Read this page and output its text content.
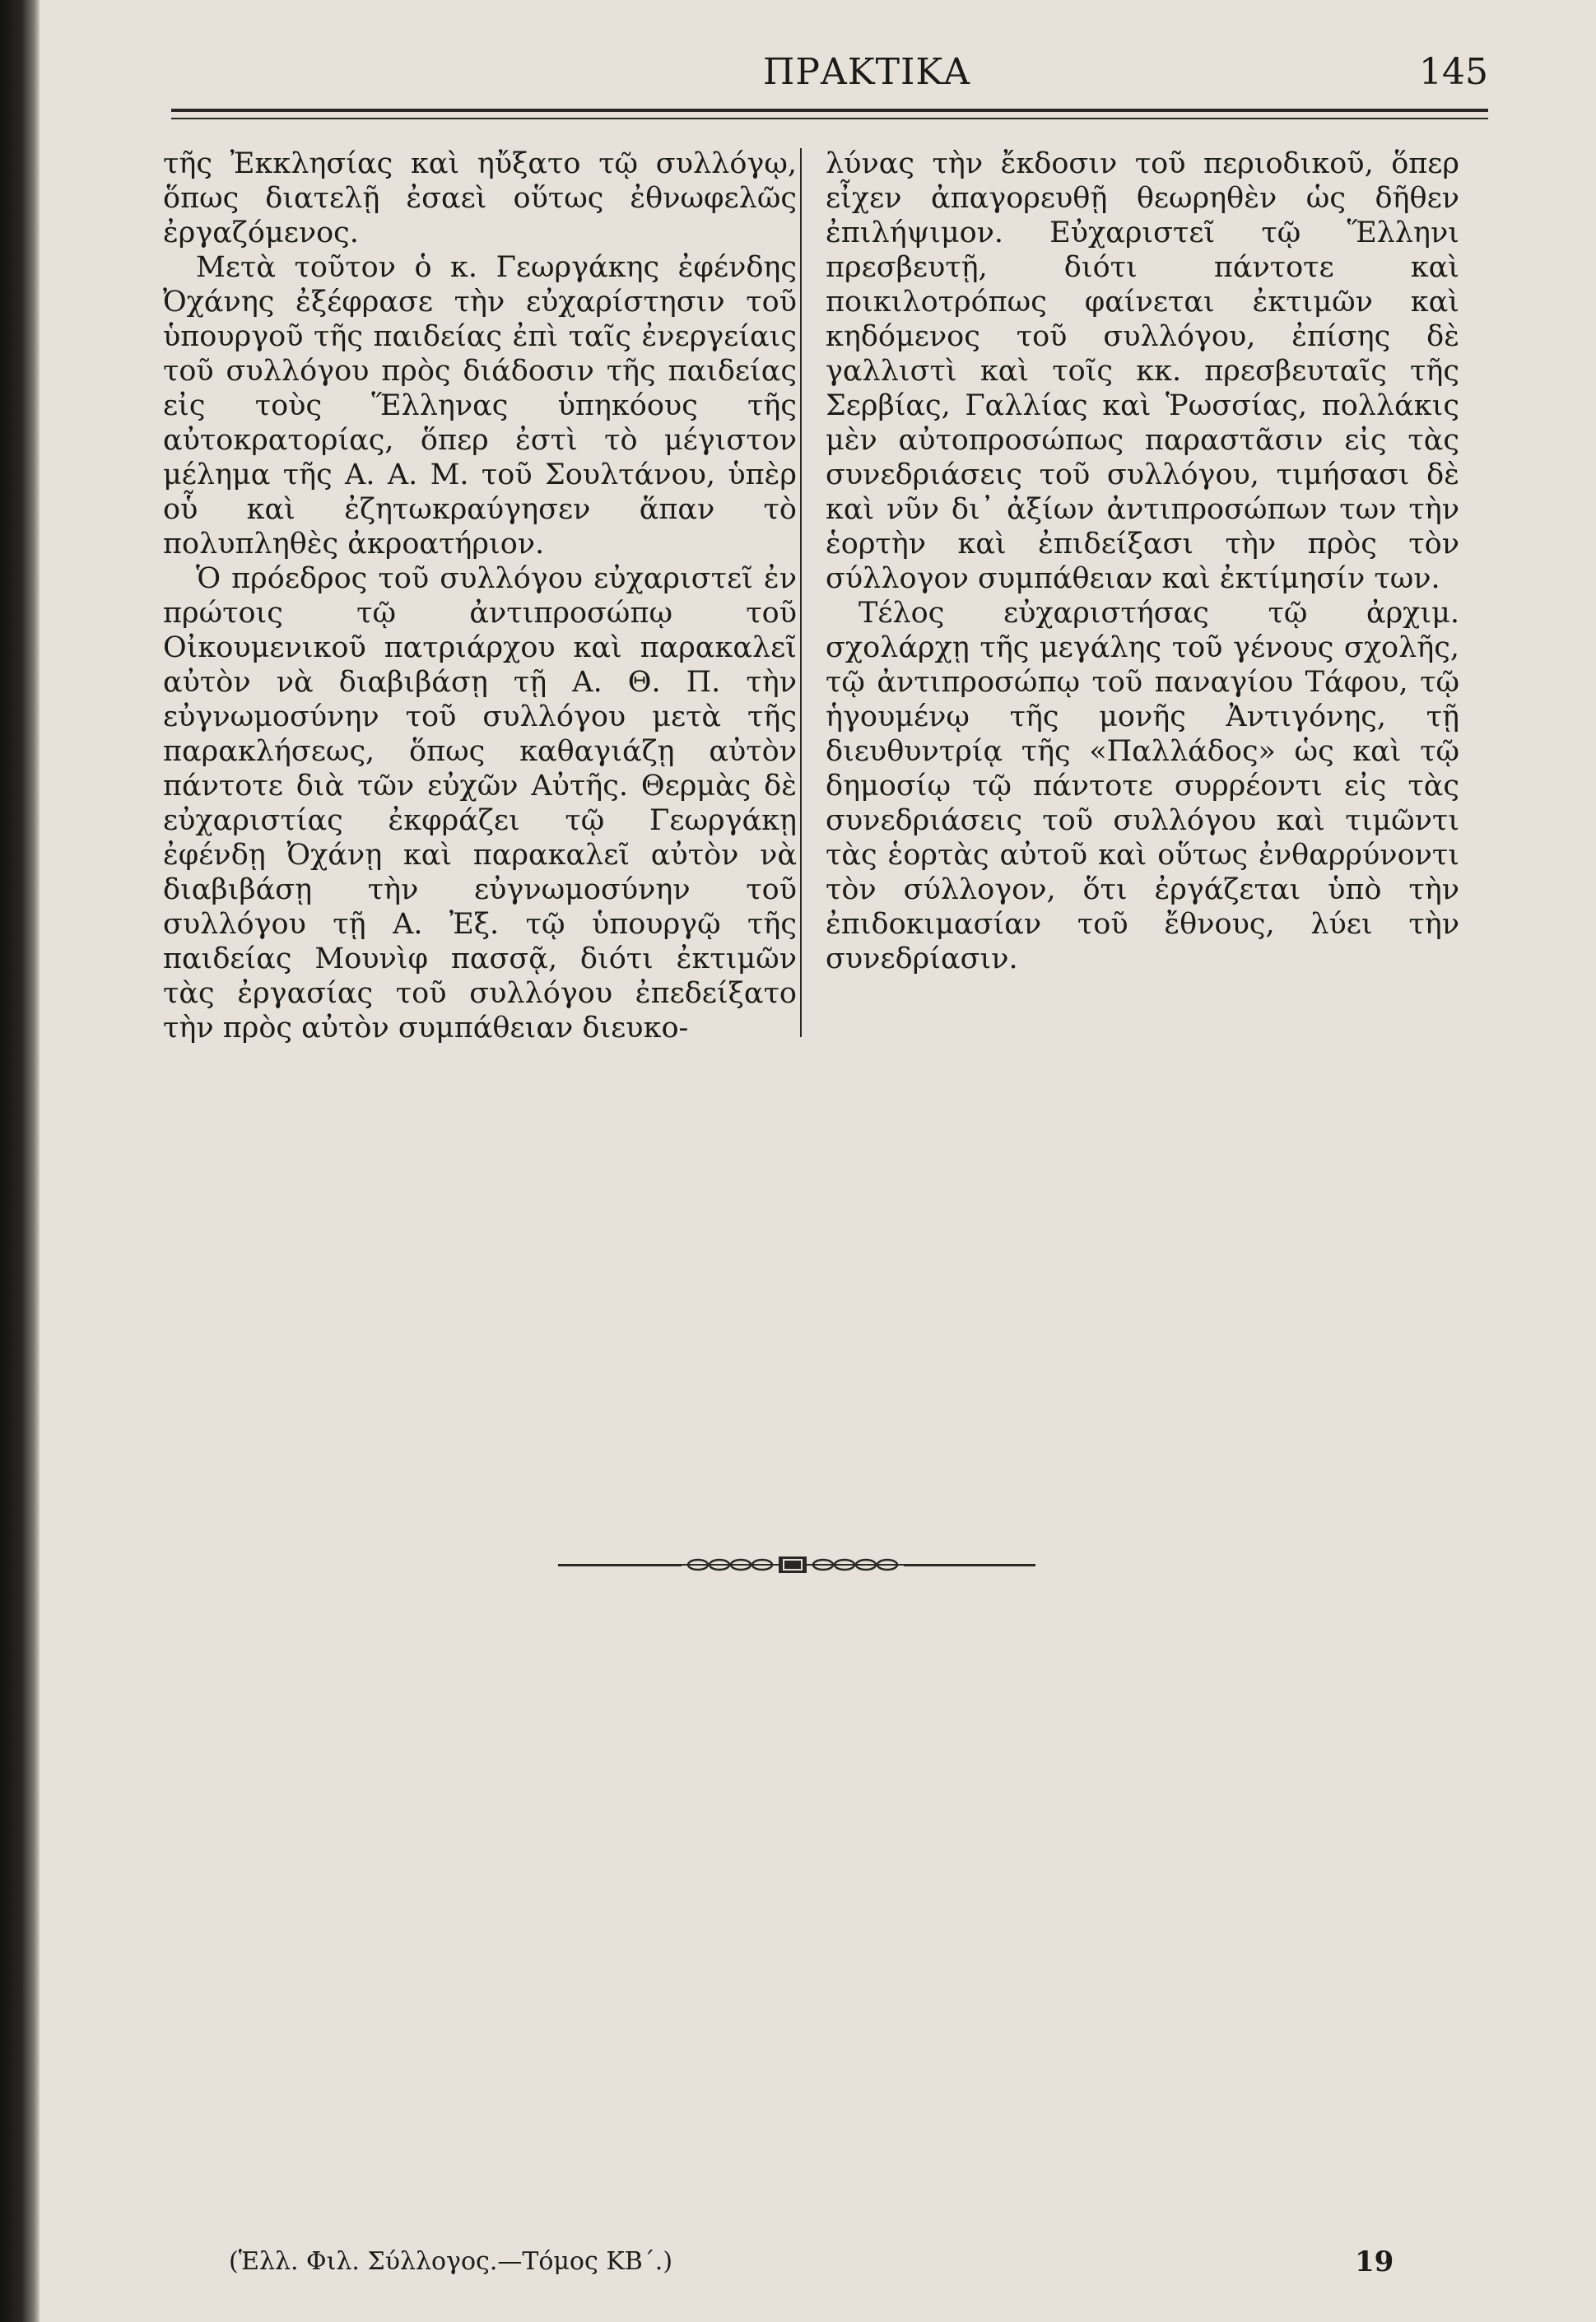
ΠΡΑΚΤΙΚΑ	145

τῆς Ἐκκλησίας καὶ ηὔξατο τῷ συλλόγῳ, ὅπως διατελῇ ἐσαεὶ οὕτως ἐθνωφελῶς ἐργαζόμενος.

Μετὰ τοῦτον ὁ κ. Γεωργάκης ἐφένδης Ὀχάνης ἐξέφρασε τὴν εὐχαρίστησιν τοῦ ὑπουργοῦ τῆς παιδείας ἐπὶ ταῖς ἐνεργείαις τοῦ συλλόγου πρὸς διάδοσιν τῆς παιδείας εἰς τοὺς Ἕλληνας ὑπηκόους τῆς αὐτοκρατορίας, ὅπερ ἐστὶ τὸ μέγιστον μέλημα τῆς Α. Α. Μ. τοῦ Σουλτάνου, ὑπὲρ οὗ καὶ ἐζητωκραύγησεν ἅπαν τὸ πολυπληθὲς ἀκροατήριον.

Ὁ πρόεδρος τοῦ συλλόγου εὐχαριστεῖ ἐν πρώτοις τῷ ἀντιπροσώπῳ τοῦ Οἰκουμενικοῦ πατριάρχου καὶ παρακαλεῖ αὐτὸν νὰ διαβιβάσῃ τῇ Α. Θ. Π. τὴν εὐγνωμοσύνην τοῦ συλλόγου μετὰ τῆς παρακλήσεως, ὅπως καθαγιάζῃ αὐτὸν πάντοτε διὰ τῶν εὐχῶν Αὐτῆς. Θερμὰς δὲ εὐχαριστίας ἐκφράζει τῷ Γεωργάκῃ ἐφένδῃ Ὀχάνῃ καὶ παρακαλεῖ αὐτὸν νὰ διαβιβάσῃ τὴν εὐγνωμοσύνην τοῦ συλλόγου τῇ Α. Ἐξ. τῷ ὑπουργῷ τῆς παιδείας Μουνὶφ πασσᾷ, διότι ἐκτιμῶν τὰς ἐργασίας τοῦ συλλόγου ἐπεδείξατο τὴν πρὸς αὐτὸν συμπάθειαν διευκο-

λύνας τὴν ἔκδοσιν τοῦ περιοδικοῦ, ὅπερ εἶχεν ἀπαγορευθῇ θεωρηθὲν ὡς δῆθεν ἐπιλήψιμον. Εὐχαριστεῖ τῷ Ἕλληνι πρεσβευτῇ, διότι πάντοτε καὶ ποικιλοτρόπως φαίνεται ἐκτιμῶν καὶ κηδόμενος τοῦ συλλόγου, ἐπίσης δὲ γαλλιστὶ καὶ τοῖς κκ. πρεσβευταῖς τῆς Σερβίας, Γαλλίας καὶ Ῥωσσίας, πολλάκις μὲν αὐτοπροσώπως παραστᾶσιν εἰς τὰς συνεδριάσεις τοῦ συλλόγου, τιμήσασι δὲ καὶ νῦν δι᾿ ἀξίων ἀντιπροσώπων των τὴν ἑορτὴν καὶ ἐπιδείξασι τὴν πρὸς τὸν σύλλογον συμπάθειαν καὶ ἐκτίμησίν των.

Τέλος εὐχαριστήσας τῷ ἀρχιμ. σχολάρχῃ τῆς μεγάλης τοῦ γένους σχολῆς, τῷ ἀντιπροσώπῳ τοῦ παναγίου Τάφου, τῷ ἡγουμένῳ τῆς μονῆς Ἀντιγόνης, τῇ διευθυντρίᾳ τῆς «Παλλάδος» ὡς καὶ τῷ δημοσίῳ τῷ πάντοτε συρρέοντι εἰς τὰς συνεδριάσεις τοῦ συλλόγου καὶ τιμῶντι τὰς ἑορτὰς αὐτοῦ καὶ οὕτως ἐνθαρρύνοντι τὸν σύλλογον, ὅτι ἐργάζεται ὑπὸ τὴν ἐπιδοκιμασίαν τοῦ ἔθνους, λύει τὴν συνεδρίασιν.

(Ἑλλ. Φιλ. Σύλλογος.—Τόμος ΚΒ΄.)	19
